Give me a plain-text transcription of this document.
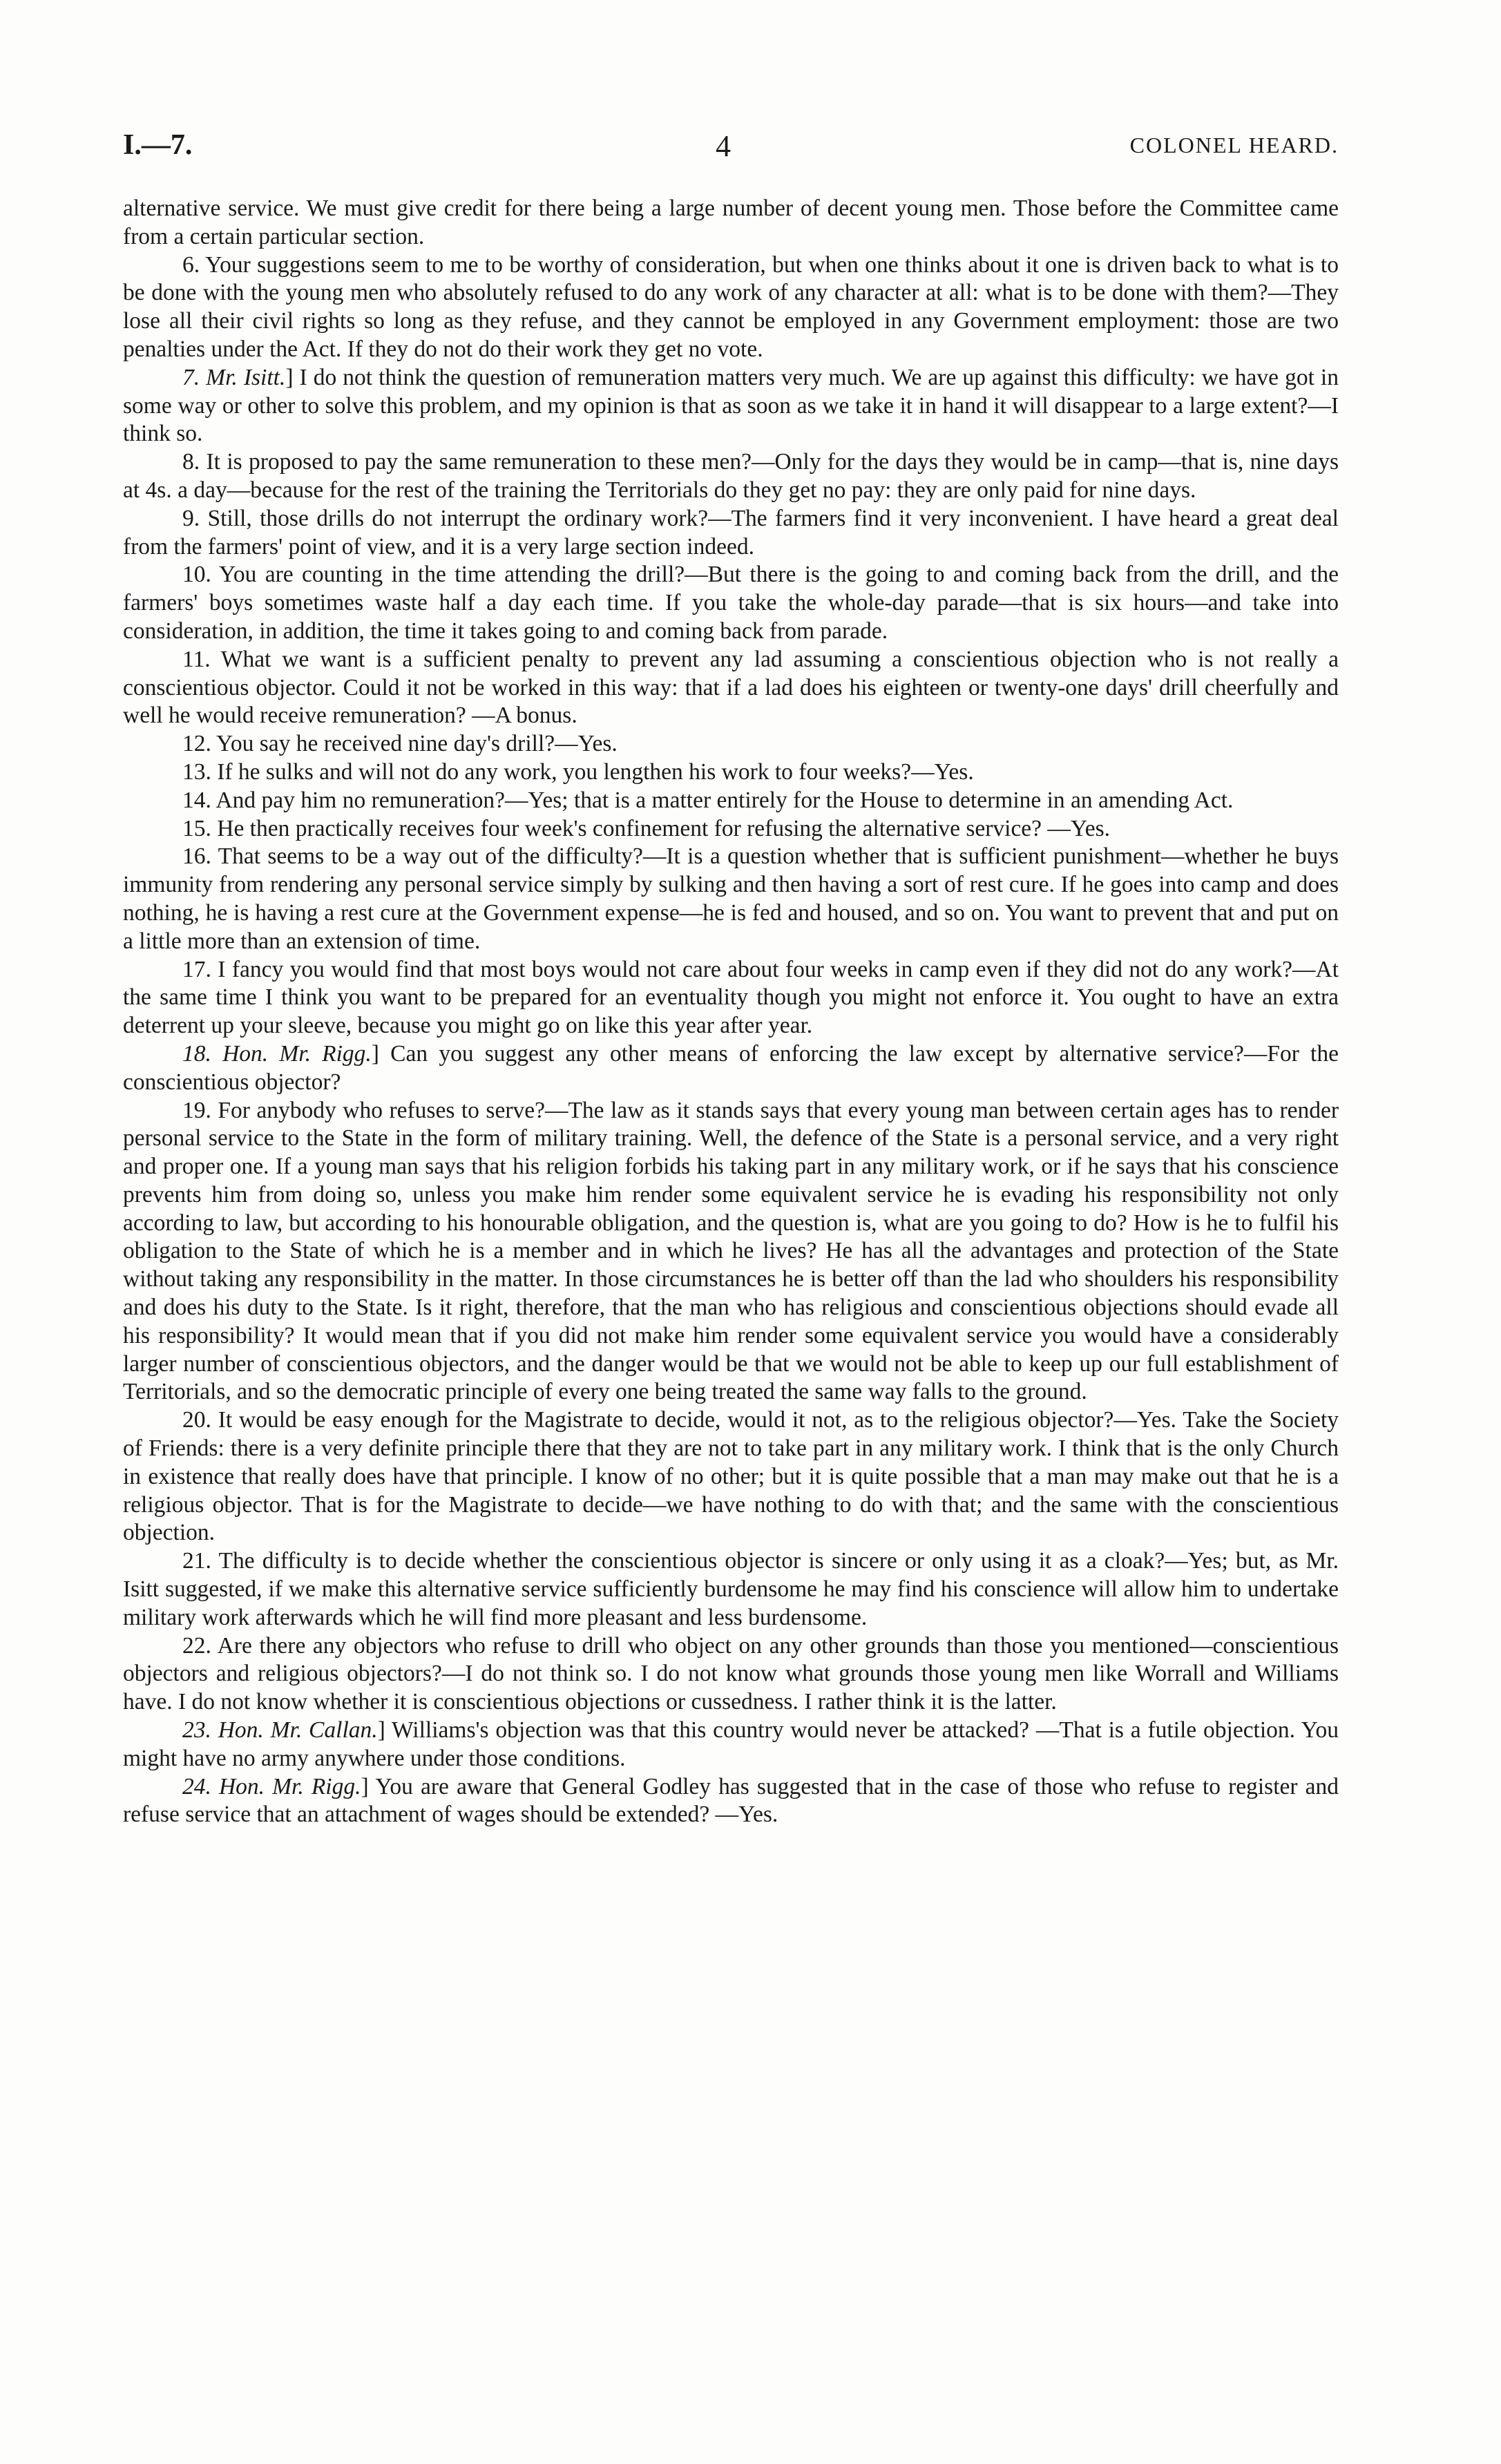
I.—7.	4	COLONEL HEARD.

alternative service. We must give credit for there being a large number of decent young men. Those before the Committee came from a certain particular section.

6. Your suggestions seem to me to be worthy of consideration, but when one thinks about it one is driven back to what is to be done with the young men who absolutely refused to do any work of any character at all: what is to be done with them?—They lose all their civil rights so long as they refuse, and they cannot be employed in any Government employment: those are two penalties under the Act. If they do not do their work they get no vote.

7. Mr. Isitt.] I do not think the question of remuneration matters very much. We are up against this difficulty: we have got in some way or other to solve this problem, and my opinion is that as soon as we take it in hand it will disappear to a large extent?—I think so.

8. It is proposed to pay the same remuneration to these men?—Only for the days they would be in camp—that is, nine days at 4s. a day—because for the rest of the training the Territorials do they get no pay: they are only paid for nine days.

9. Still, those drills do not interrupt the ordinary work?—The farmers find it very inconvenient. I have heard a great deal from the farmers' point of view, and it is a very large section indeed.

10. You are counting in the time attending the drill?—But there is the going to and coming back from the drill, and the farmers' boys sometimes waste half a day each time. If you take the whole-day parade—that is six hours—and take into consideration, in addition, the time it takes going to and coming back from parade.

11. What we want is a sufficient penalty to prevent any lad assuming a conscientious objection who is not really a conscientious objector. Could it not be worked in this way: that if a lad does his eighteen or twenty-one days' drill cheerfully and well he would receive remuneration? —A bonus.

12. You say he received nine day's drill?—Yes.

13. If he sulks and will not do any work, you lengthen his work to four weeks?—Yes.

14. And pay him no remuneration?—Yes; that is a matter entirely for the House to determine in an amending Act.

15. He then practically receives four week's confinement for refusing the alternative service? —Yes.

16. That seems to be a way out of the difficulty?—It is a question whether that is sufficient punishment—whether he buys immunity from rendering any personal service simply by sulking and then having a sort of rest cure. If he goes into camp and does nothing, he is having a rest cure at the Government expense—he is fed and housed, and so on. You want to prevent that and put on a little more than an extension of time.

17. I fancy you would find that most boys would not care about four weeks in camp even if they did not do any work?—At the same time I think you want to be prepared for an eventuality though you might not enforce it. You ought to have an extra deterrent up your sleeve, because you might go on like this year after year.

18. Hon. Mr. Rigg.] Can you suggest any other means of enforcing the law except by alternative service?—For the conscientious objector?

19. For anybody who refuses to serve?—The law as it stands says that every young man between certain ages has to render personal service to the State in the form of military training. Well, the defence of the State is a personal service, and a very right and proper one. If a young man says that his religion forbids his taking part in any military work, or if he says that his conscience prevents him from doing so, unless you make him render some equivalent service he is evading his responsibility not only according to law, but according to his honourable obligation, and the question is, what are you going to do? How is he to fulfil his obligation to the State of which he is a member and in which he lives? He has all the advantages and protection of the State without taking any responsibility in the matter. In those circumstances he is better off than the lad who shoulders his responsibility and does his duty to the State. Is it right, therefore, that the man who has religious and conscientious objections should evade all his responsibility? It would mean that if you did not make him render some equivalent service you would have a considerably larger number of conscientious objectors, and the danger would be that we would not be able to keep up our full establishment of Territorials, and so the democratic principle of every one being treated the same way falls to the ground.

20. It would be easy enough for the Magistrate to decide, would it not, as to the religious objector?—Yes. Take the Society of Friends: there is a very definite principle there that they are not to take part in any military work. I think that is the only Church in existence that really does have that principle. I know of no other; but it is quite possible that a man may make out that he is a religious objector. That is for the Magistrate to decide—we have nothing to do with that; and the same with the conscientious objection.

21. The difficulty is to decide whether the conscientious objector is sincere or only using it as a cloak?—Yes; but, as Mr. Isitt suggested, if we make this alternative service sufficiently burdensome he may find his conscience will allow him to undertake military work afterwards which he will find more pleasant and less burdensome.

22. Are there any objectors who refuse to drill who object on any other grounds than those you mentioned—conscientious objectors and religious objectors?—I do not think so. I do not know what grounds those young men like Worrall and Williams have. I do not know whether it is conscientious objections or cussedness. I rather think it is the latter.

23. Hon. Mr. Callan.] Williams's objection was that this country would never be attacked? —That is a futile objection. You might have no army anywhere under those conditions.

24. Hon. Mr. Rigg.] You are aware that General Godley has suggested that in the case of those who refuse to register and refuse service that an attachment of wages should be extended? —Yes.
